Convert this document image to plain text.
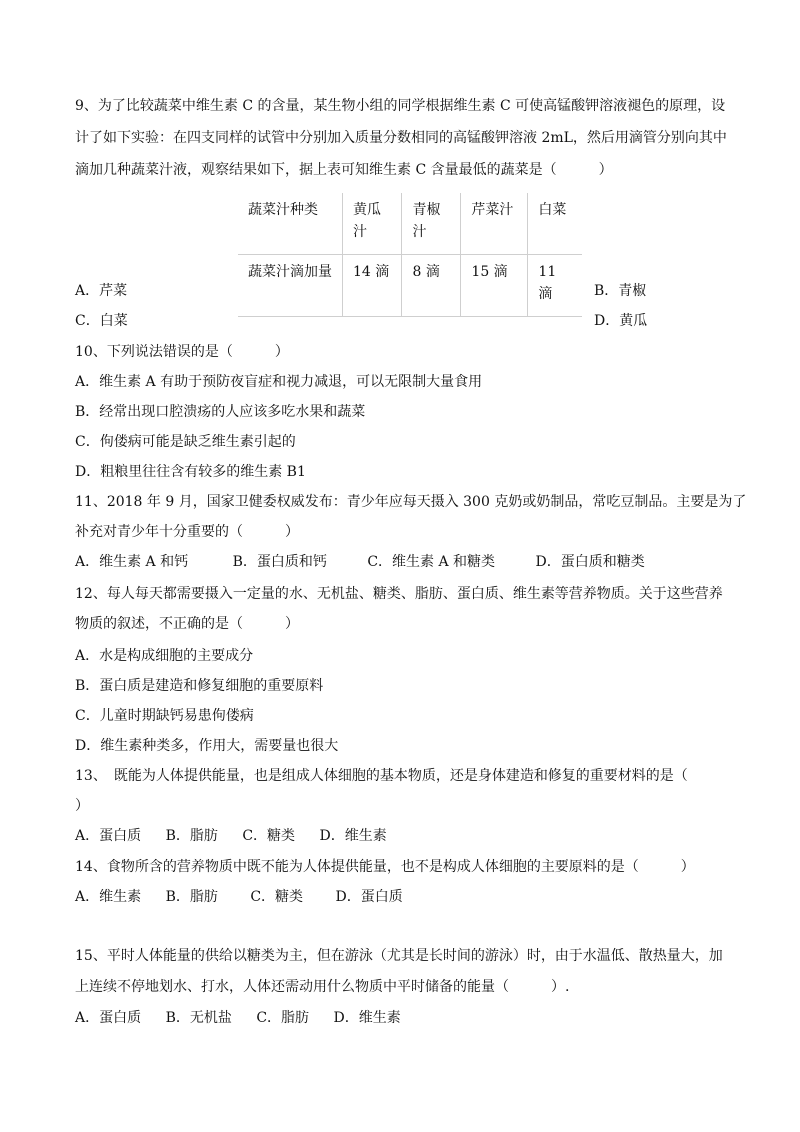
9、为了比较蔬菜中维生素 C 的含量，某生物小组的同学根据维生素 C 可使高锰酸钾溶液褪色的原理，设
计了如下实验：在四支同样的试管中分别加入质量分数相同的高锰酸钾溶液 2mL，然后用滴管分别向其中
滴加几种蔬菜汁液，观察结果如下，据上表可知维生素 C 含量最低的蔬菜是（　　　）
蔬菜汁种类	黄瓜汁	青椒汁	芹菜汁	白菜
蔬菜汁滴加量	14 滴	8 滴	15 滴	11 滴
A．芹菜
C．白菜
B．青椒
D．黄瓜
10、下列说法错误的是（　　　）
A．维生素 A 有助于预防夜盲症和视力减退，可以无限制大量食用
B．经常出现口腔溃疡的人应该多吃水果和蔬菜
C．佝偻病可能是缺乏维生素引起的
D．粗粮里往往含有较多的维生素 B1
11、2018 年 9 月，国家卫健委权威发布：青少年应每天摄入 300 克奶或奶制品，常吃豆制品。主要是为了
补充对青少年十分重要的（　　　）
A．维生素 A 和钙	B．蛋白质和钙	C．维生素 A 和糖类	D．蛋白质和糖类
12、每人每天都需要摄入一定量的水、无机盐、糖类、脂肪、蛋白质、维生素等营养物质。关于这些营养
物质的叙述，不正确的是（　　　）
A．水是构成细胞的主要成分
B．蛋白质是建造和修复细胞的重要原料
C．儿童时期缺钙易患佝偻病
D．维生素种类多，作用大，需要量也很大
13、　既能为人体提供能量，也是组成人体细胞的基本物质，还是身体建造和修复的重要材料的是（
）
A．蛋白质 B．脂肪 C．糖类 D．维生素
14、食物所含的营养物质中既不能为人体提供能量，也不是构成人体细胞的主要原料的是（　　　）
A．维生素 B．脂肪 C．糖类 D．蛋白质
15、平时人体能量的供给以糖类为主，但在游泳（尤其是长时间的游泳）时，由于水温低、散热量大，加
上连续不停地划水、打水，人体还需动用什么物质中平时储备的能量（　　　）.
A．蛋白质 B．无机盐 C．脂肪 D．维生素
